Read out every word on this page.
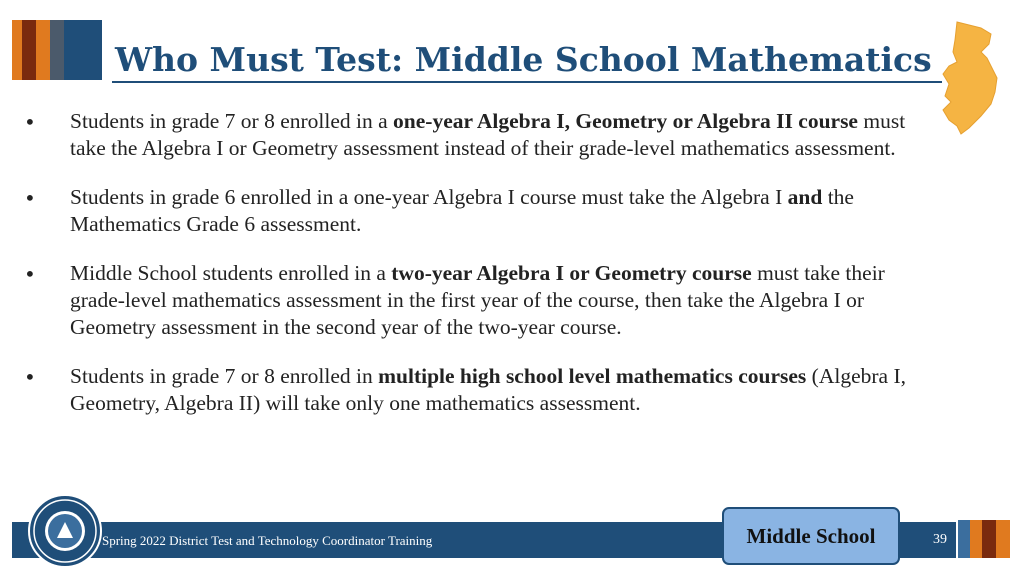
Who Must Test: Middle School Mathematics
• Students in grade 7 or 8 enrolled in a one-year Algebra I, Geometry or Algebra II course must take the Algebra I or Geometry assessment instead of their grade-level mathematics assessment.
• Students in grade 6 enrolled in a one-year Algebra I course must take the Algebra I and the Mathematics Grade 6 assessment.
• Middle School students enrolled in a two-year Algebra I or Geometry course must take their grade-level mathematics assessment in the first year of the course, then take the Algebra I or Geometry assessment in the second year of the two-year course.
• Students in grade 7 or 8 enrolled in multiple high school level mathematics courses (Algebra I, Geometry, Algebra II) will take only one mathematics assessment.
Spring 2022 District Test and Technology Coordinator Training	39
Middle School
